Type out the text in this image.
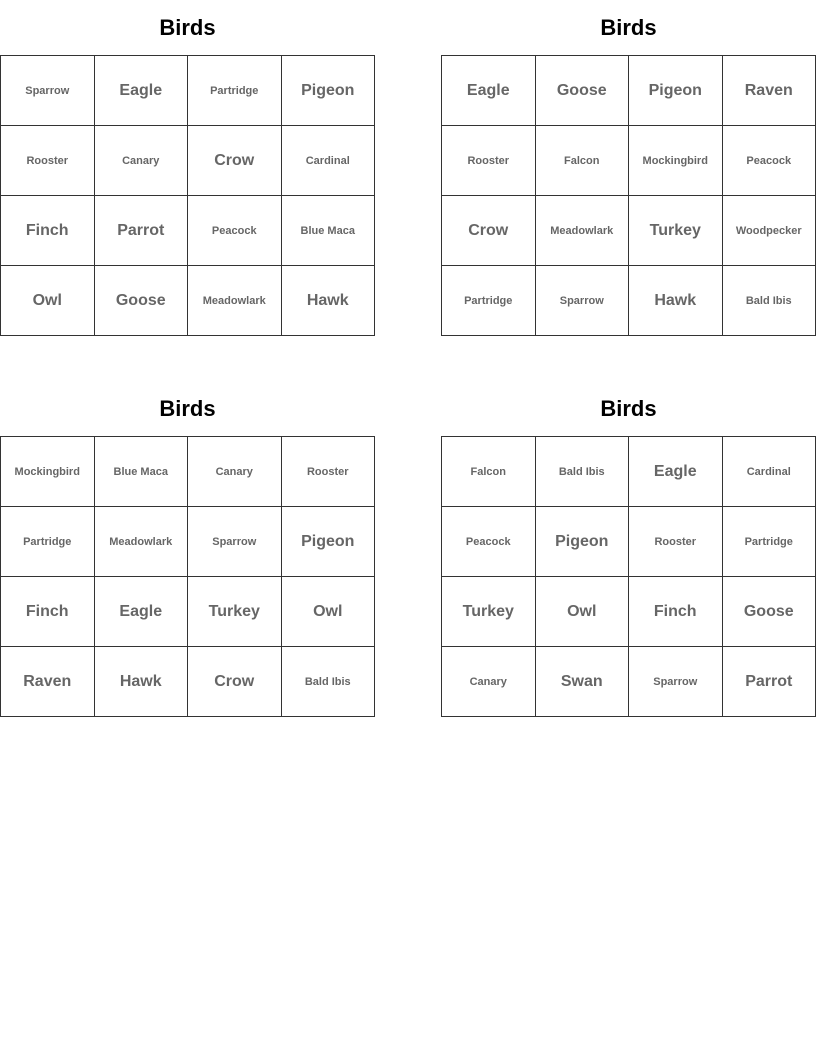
Birds
Sparrow	Eagle	Partridge	Pigeon
Rooster	Canary	Crow	Cardinal
Finch	Parrot	Peacock	Blue Maca
Owl	Goose	Meadowlark	Hawk
Birds
Eagle	Goose	Pigeon	Raven
Rooster	Falcon	Mockingbird	Peacock
Crow	Meadowlark	Turkey	Woodpecker
Partridge	Sparrow	Hawk	Bald Ibis
Birds
Mockingbird	Blue Maca	Canary	Rooster
Partridge	Meadowlark	Sparrow	Pigeon
Finch	Eagle	Turkey	Owl
Raven	Hawk	Crow	Bald Ibis
Birds
Falcon	Bald Ibis	Eagle	Cardinal
Peacock	Pigeon	Rooster	Partridge
Turkey	Owl	Finch	Goose
Canary	Swan	Sparrow	Parrot
